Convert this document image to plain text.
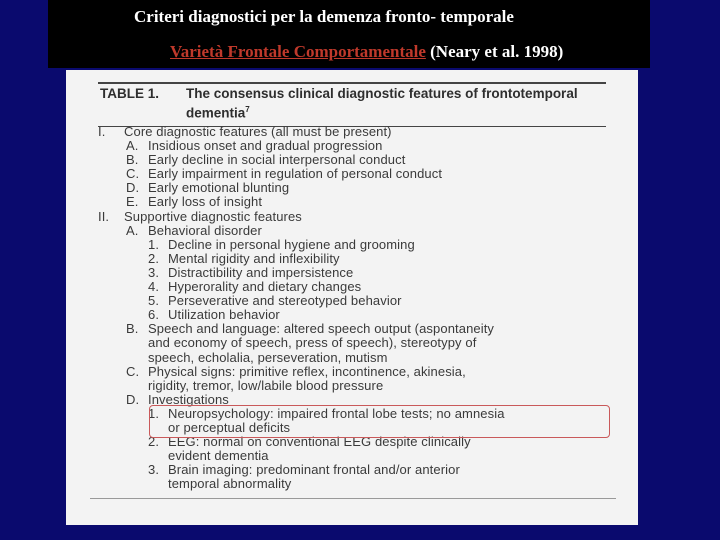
Criteri diagnostici per la demenza fronto- temporale
Varietà Frontale Comportamentale (Neary et al. 1998)
TABLE 1. The consensus clinical diagnostic features of frontotemporal dementia$^7$
I.	Core diagnostic features (all must be present)
A. Insidious onset and gradual progression
B. Early decline in social interpersonal conduct
C. Early impairment in regulation of personal conduct
D. Early emotional blunting
E. Early loss of insight
II.	Supportive diagnostic features
A. Behavioral disorder
1. Decline in personal hygiene and grooming
2. Mental rigidity and inflexibility
3. Distractibility and impersistence
4. Hyperorality and dietary changes
5. Perseverative and stereotyped behavior
6. Utilization behavior
B. Speech and language: altered speech output (aspontaneity
and economy of speech, press of speech), stereotypy of
speech, echolalia, perseveration, mutism
C. Physical signs: primitive reflex, incontinence, akinesia,
rigidity, tremor, low/labile blood pressure
D. Investigations
1. Neuropsychology: impaired frontal lobe tests; no amnesia
or perceptual deficits
2. EEG: normal on conventional EEG despite clinically
evident dementia
3. Brain imaging: predominant frontal and/or anterior
temporal abnormality
